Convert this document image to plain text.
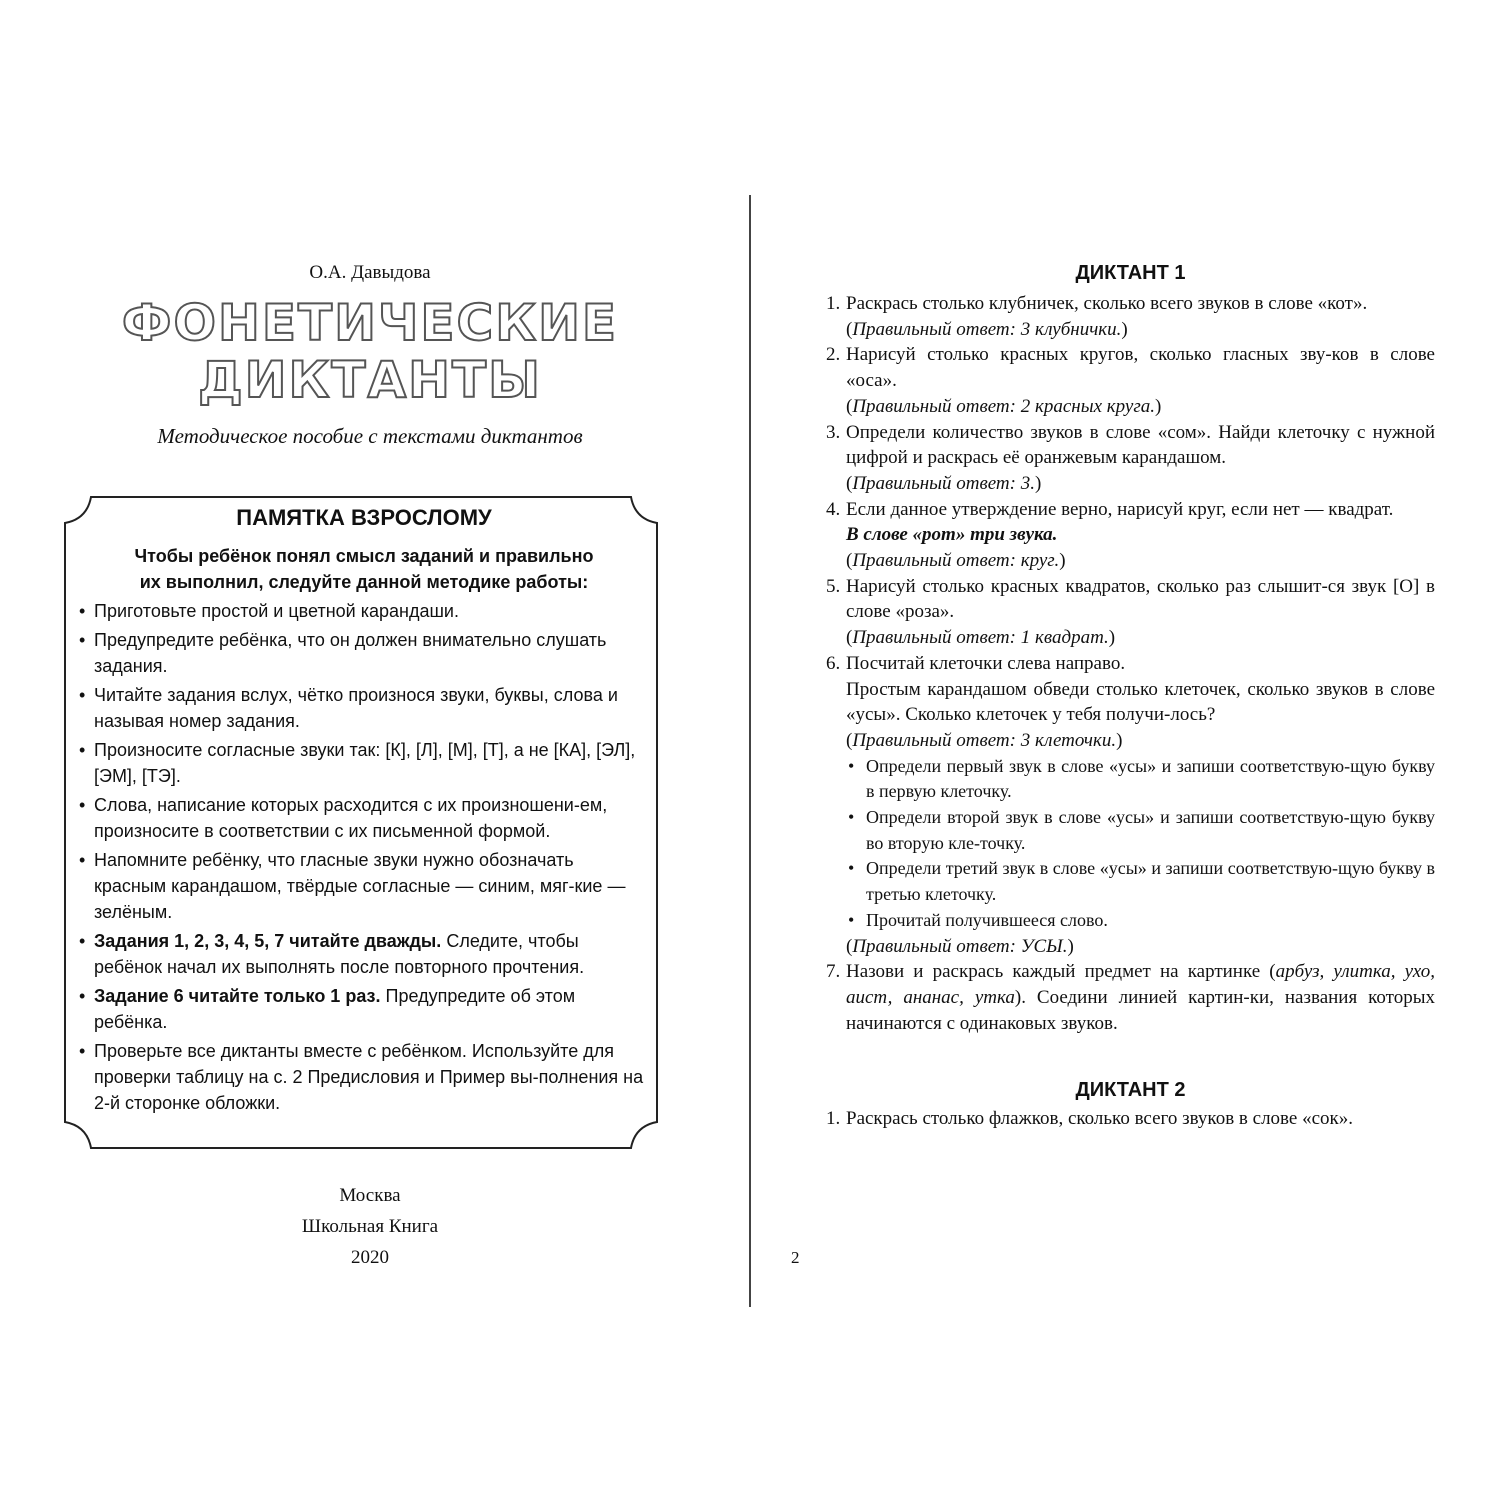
О.А. Давыдова
ФОНЕТИЧЕСКИЕ
ДИКТАНТЫ
Методическое пособие с текстами диктантов
ПАМЯТКА ВЗРОСЛОМУ
Чтобы ребёнок понял смысл заданий и правильно
их выполнил, следуйте данной методике работы:
• Приготовьте простой и цветной карандаши.
• Предупредите ребёнка, что он должен внимательно слушать задания.
• Читайте задания вслух, чётко произнося звуки, буквы, слова и называя номер задания.
• Произносите согласные звуки так: [К], [Л], [М], [Т], а не [КА], [ЭЛ], [ЭМ], [ТЭ].
• Слова, написание которых расходится с их произношени-ем, произносите в соответствии с их письменной формой.
• Напомните ребёнку, что гласные звуки нужно обозначать красным карандашом, твёрдые согласные — синим, мяг-кие — зелёным.
• Задания 1, 2, 3, 4, 5, 7 читайте дважды. Следите, чтобы ребёнок начал их выполнять после повторного прочтения.
• Задание 6 читайте только 1 раз. Предупредите об этом ребёнка.
• Проверьте все диктанты вместе с ребёнком. Используйте для проверки таблицу на с. 2 Предисловия и Пример вы-полнения на 2-й сторонке обложки.
Москва
Школьная Книга
2020
ДИКТАНТ 1
1. Раскрась столько клубничек, сколько всего звуков в слове «кот».
(Правильный ответ: 3 клубнички.)
2. Нарисуй столько красных кругов, сколько гласных зву-ков в слове «оса».
(Правильный ответ: 2 красных круга.)
3. Определи количество звуков в слове «сом». Найди клеточку с нужной цифрой и раскрась её оранжевым карандашом.
(Правильный ответ: 3.)
4. Если данное утверждение верно, нарисуй круг, если нет — квадрат.
В слове «рот» три звука.
(Правильный ответ: круг.)
5. Нарисуй столько красных квадратов, сколько раз слышит-ся звук [О] в слове «роза».
(Правильный ответ: 1 квадрат.)
6. Посчитай клеточки слева направо.
Простым карандашом обведи столько клеточек, сколько звуков в слове «усы». Сколько клеточек у тебя получи-лось?
(Правильный ответ: 3 клеточки.)
• Определи первый звук в слове «усы» и запиши соответствую-щую букву в первую клеточку.
• Определи второй звук в слове «усы» и запиши соответствую-щую букву во вторую кле-точку.
• Определи третий звук в слове «усы» и запиши соответствую-щую букву в третью клеточку.
• Прочитай получившееся слово.
(Правильный ответ: УСЫ.)
7. Назови и раскрась каждый предмет на картинке (арбуз, улитка, ухо, аист, ананас, утка). Соедини линией картин-ки, названия которых начинаются с одинаковых звуков.
ДИКТАНТ 2
1. Раскрась столько флажков, сколько всего звуков в слове «сок».
2
